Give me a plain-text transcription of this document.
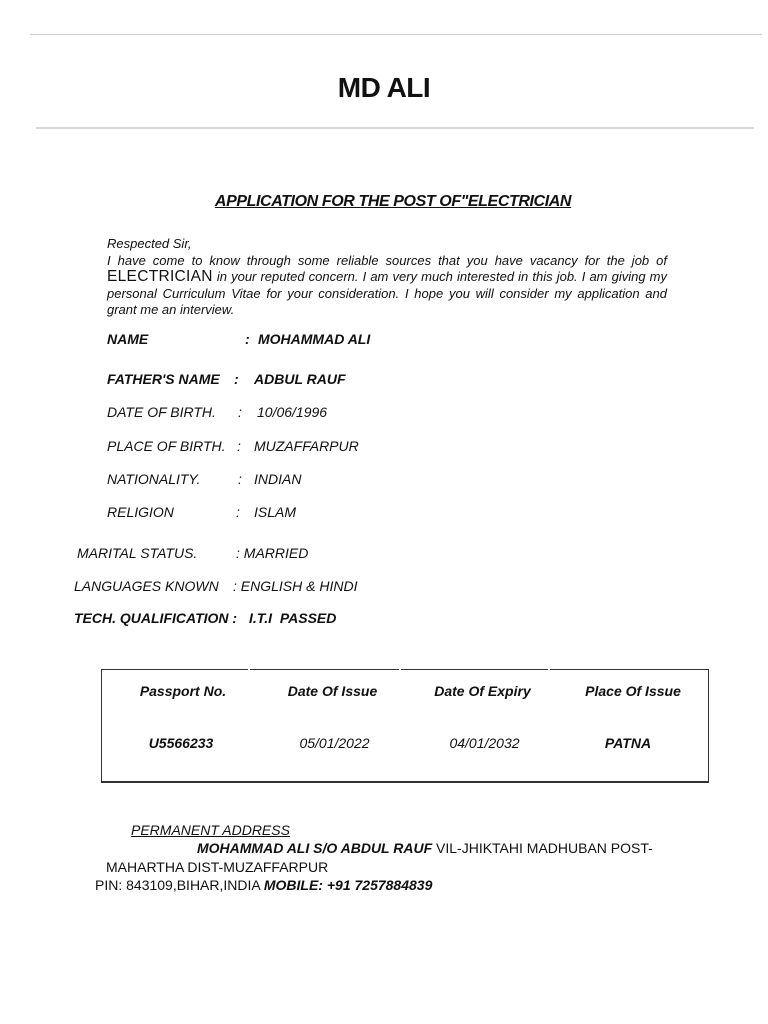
MD ALI
APPLICATION FOR THE POST OF"ELECTRICIAN
Respected Sir,
I have come to know through some reliable sources that you have vacancy for the job of ELECTRICIAN in your reputed concern. I am very much interested in this job. I am giving my personal Curriculum Vitae for your consideration. I hope you will consider my application and grant me an interview.
NAME	: MOHAMMAD ALI
FATHER'S NAME : ADBUL RAUF
DATE OF BIRTH. : 10/06/1996
PLACE OF BIRTH. : MUZAFFARPUR
NATIONALITY.	: INDIAN
RELIGION	: ISLAM
MARITAL STATUS.	: MARRIED
LANGUAGES KNOWN : ENGLISH & HINDI
TECH. QUALIFICATION : I.T.I  PASSED
Passport No.	Date Of Issue	Date Of Expiry	Place Of Issue
U5566233	05/01/2022	04/01/2032	PATNA
PERMANENT ADDRESS
MOHAMMAD ALI S/O ABDUL RAUF VIL-JHIKTAHI MADHUBAN POST-
MAHARTHA DIST-MUZAFFARPUR
PIN: 843109,BIHAR,INDIA MOBILE: +91 7257884839
